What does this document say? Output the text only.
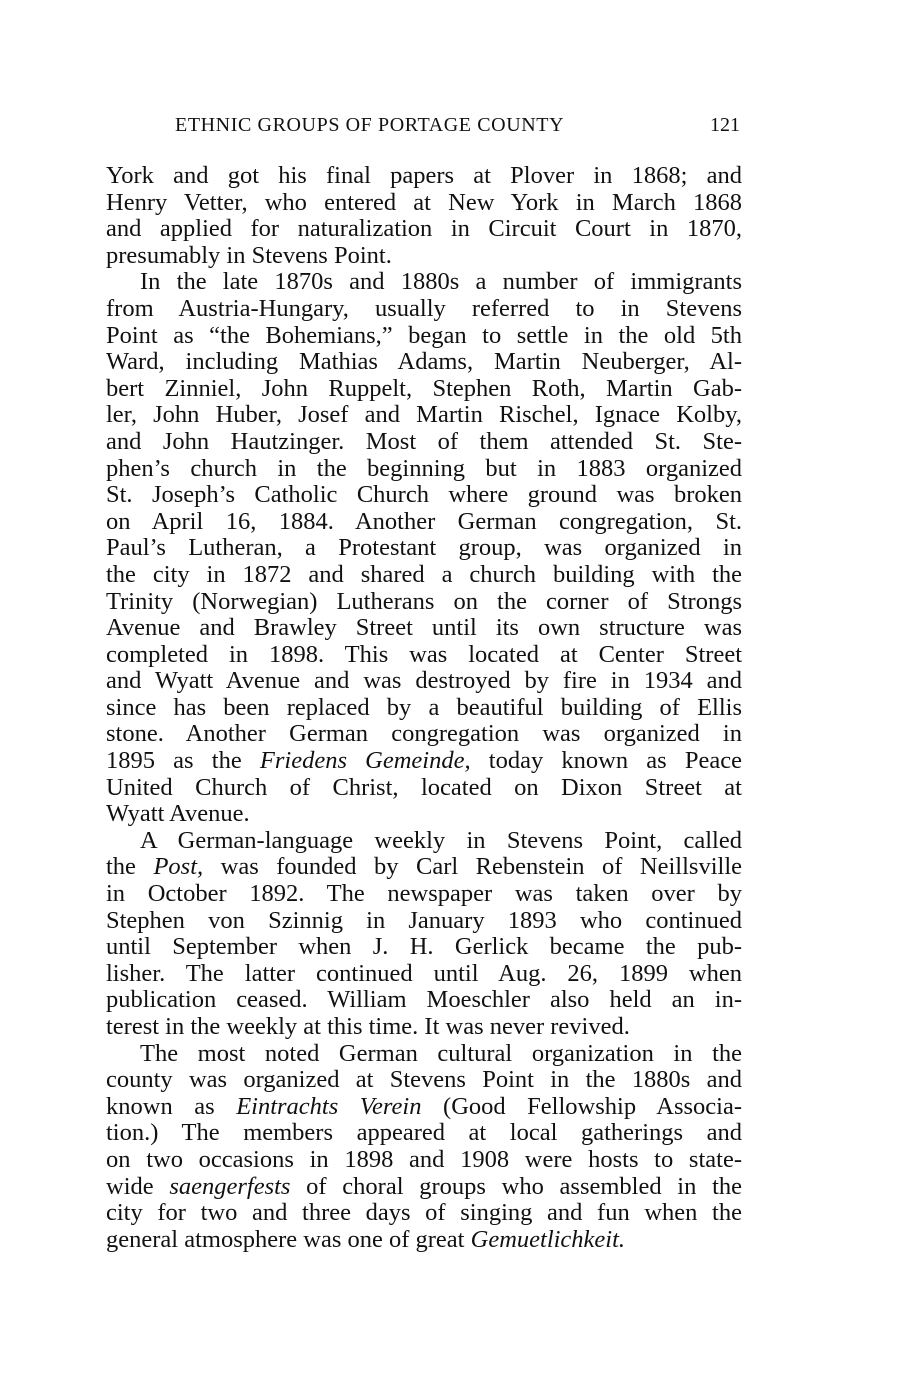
ETHNIC GROUPS OF PORTAGE COUNTY	121
York and got his final papers at Plover in 1868; and
Henry Vetter, who entered at New York in March 1868
and applied for naturalization in Circuit Court in 1870,
presumably in Stevens Point.
In the late 1870s and 1880s a number of immigrants
from Austria-Hungary, usually referred to in Stevens
Point as “the Bohemians,” began to settle in the old 5th
Ward, including Mathias Adams, Martin Neuberger, Al-
bert Zinniel, John Ruppelt, Stephen Roth, Martin Gab-
ler, John Huber, Josef and Martin Rischel, Ignace Kolby,
and John Hautzinger. Most of them attended St. Ste-
phen’s church in the beginning but in 1883 organized
St. Joseph’s Catholic Church where ground was broken
on April 16, 1884. Another German congregation, St.
Paul’s Lutheran, a Protestant group, was organized in
the city in 1872 and shared a church building with the
Trinity (Norwegian) Lutherans on the corner of Strongs
Avenue and Brawley Street until its own structure was
completed in 1898. This was located at Center Street
and Wyatt Avenue and was destroyed by fire in 1934 and
since has been replaced by a beautiful building of Ellis
stone. Another German congregation was organized in
1895 as the Friedens Gemeinde, today known as Peace
United Church of Christ, located on Dixon Street at
Wyatt Avenue.
A German-language weekly in Stevens Point, called
the Post, was founded by Carl Rebenstein of Neillsville
in October 1892. The newspaper was taken over by
Stephen von Szinnig in January 1893 who continued
until September when J. H. Gerlick became the pub-
lisher. The latter continued until Aug. 26, 1899 when
publication ceased. William Moeschler also held an in-
terest in the weekly at this time. It was never revived.
The most noted German cultural organization in the
county was organized at Stevens Point in the 1880s and
known as Eintrachts Verein (Good Fellowship Associa-
tion.) The members appeared at local gatherings and
on two occasions in 1898 and 1908 were hosts to state-
wide saengerfests of choral groups who assembled in the
city for two and three days of singing and fun when the
general atmosphere was one of great Gemuetlichkeit.
